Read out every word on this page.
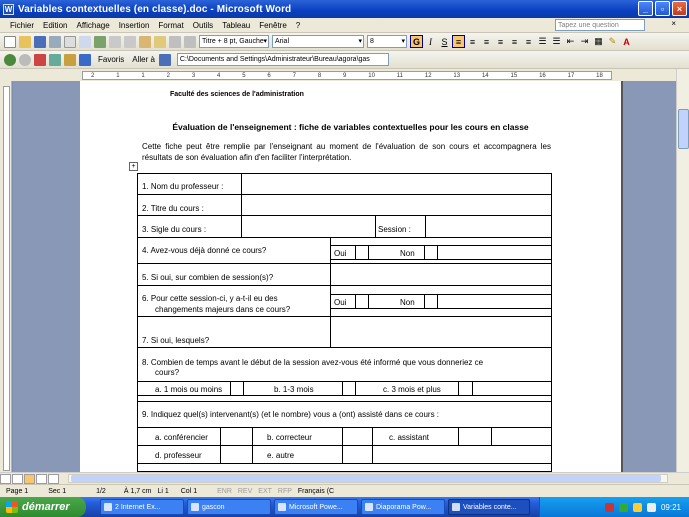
W Variables contextuelles (en classe).doc - Microsoft Word	_	▫	×
Fichier Edition Affichage Insertion Format Outils Tableau Fenêtre ?	Tapez une question	×
Titre + 8 pt, Gauche ▾	Arial ▾	8 ▾	G	I	S ≡ ≡ ≡ ≡ ≡ ≡ ☰ ☰ ⇤ ⇥ ▦ ✎ A
Favoris Aller à	C:\Documents and Settings\Administrateur\Bureau\agora\gas
2	1	1	2	3	4	5	6	7	8	9	10	11	12	13	14	15	16	17	18
Faculté des sciences de l'administration
Évaluation de l'enseignement : fiche de variables contextuelles pour les cours en classe
Cette fiche peut être remplie par l'enseignant au moment de l'évaluation de son cours et accompagnera les résultats de son évaluation afin d'en faciliter l'interprétation.
+
1. Nom du professeur :
2. Titre du cours :
3. Sigle du cours :	Session :
4. Avez-vous déjà donné ce cours?	Oui	Non
5. Si oui, sur combien de session(s)?
6. Pour cette session-ci, y a-t-il eu des
changements majeurs dans ce cours?
Oui	Non
7. Si oui, lesquels?
8. Combien de temps avant le début de la session avez-vous été informé que vous donneriez ce
cours?
a. 1 mois ou moins	b. 1-3 mois	c. 3 mois et plus
9. Indiquez quel(s) intervenant(s) (et le nombre) vous a (ont) assisté dans ce cours :
a. conférencier	b. correcteur	c. assistant
d. professeur	e. autre
Page 1	Sec 1	1/2	À 1,7 cm Li 1 Col 1	ENR REV EXT RFP Français (C
démarrer	2 Internet Ex...	gascon	Microsoft Powe...	Diaporama Pow...	Variables conte...	09:21
